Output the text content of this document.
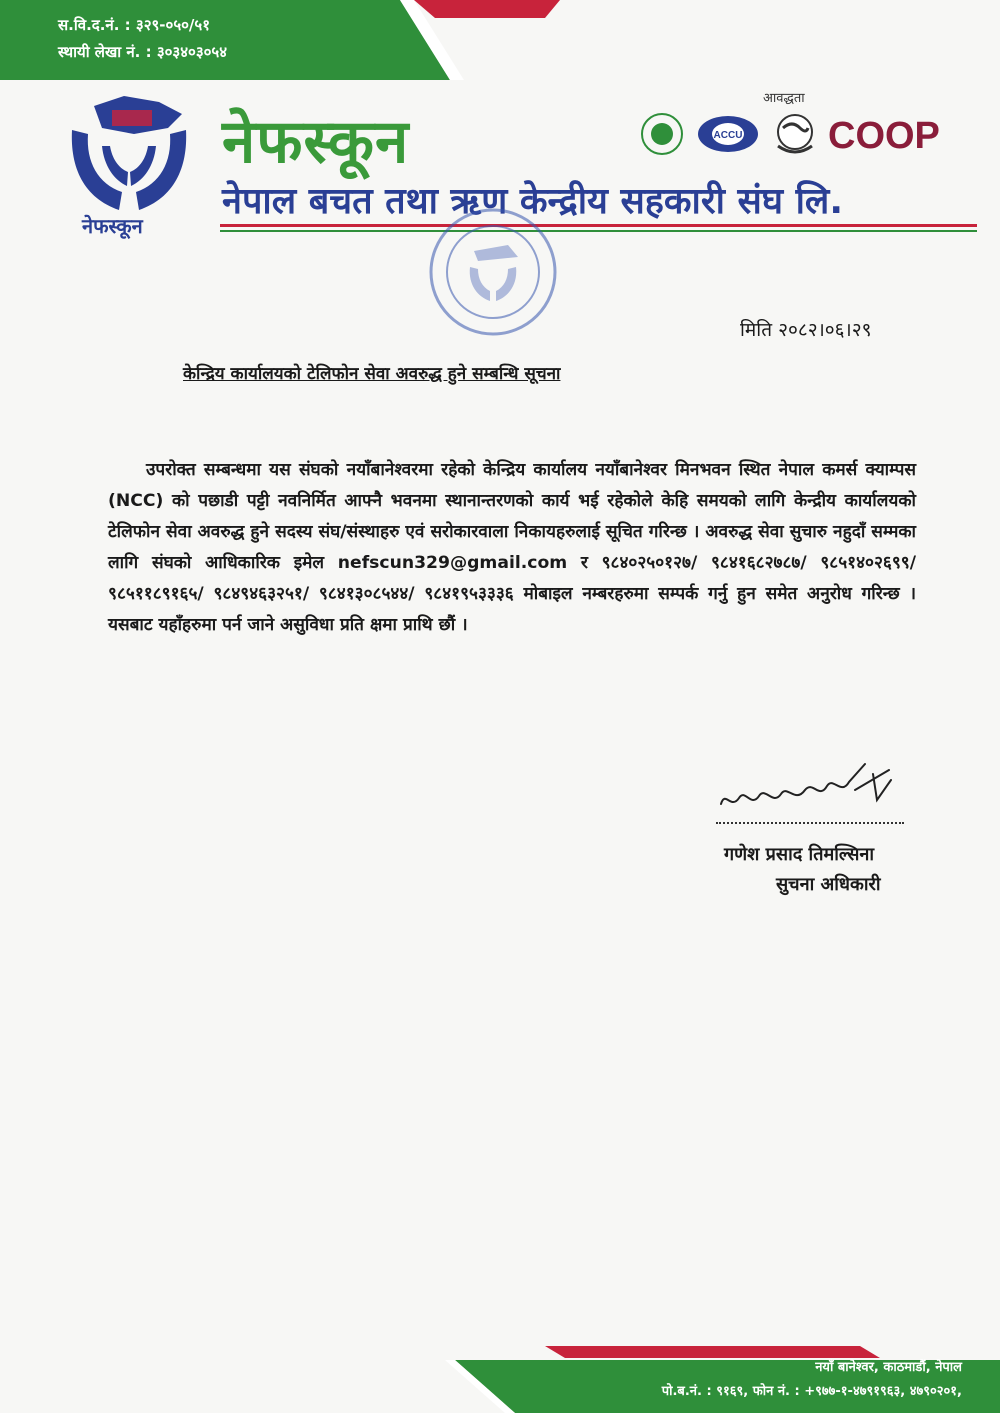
स.वि.द.नं. : ३२९-०५०/५१
स्थायी लेखा नं. : ३०३४०३०५४
नेफस्कून
नेफस्कून
नेपाल बचत तथा ऋण केन्द्रीय सहकारी संघ लि.
आवद्धता
ACCU COOP
मिति २०८२।०६।२९
केन्द्रिय कार्यालयको टेलिफोन सेवा अवरुद्ध हुने सम्बन्धि सूचना
उपरोक्त सम्बन्धमा यस संघको नयाँबानेश्वरमा रहेको केन्द्रिय कार्यालय नयाँबानेश्वर मिनभवन स्थित नेपाल कमर्स क्याम्पस (NCC) को पछाडी पट्टी नवनिर्मित आफ्नै भवनमा स्थानान्तरणको कार्य भई रहेकोले केहि समयको लागि केन्द्रीय कार्यालयको टेलिफोन सेवा अवरुद्ध हुने सदस्य संघ/संस्थाहरु एवं सरोकारवाला निकायहरुलाई सूचित गरिन्छ । अवरुद्ध सेवा सुचारु नहुदाँ सम्मका लागि संघको आधिकारिक इमेल nefscun329@gmail.com र ९८४०२५०१२७/ ९८४१६८२७८७/ ९८५१४०२६९९/ ९८५११८९१६५/ ९८४९४६३२५१/ ९८४१३०८५४४/ ९८४१९५३३३६ मोबाइल नम्बरहरुमा सम्पर्क गर्नु हुन समेत अनुरोध गरिन्छ । यसबाट यहाँहरुमा पर्न जाने असुविधा प्रति क्षमा प्राथि छौं ।
गणेश प्रसाद तिमल्सिना
सुचना अधिकारी
नयाँ बानेश्वर, काठमाडौं, नेपाल
पो.ब.नं. : ९१६९, फोन नं. : +९७७-१-४७९१९६३, ४७९०२०१,
